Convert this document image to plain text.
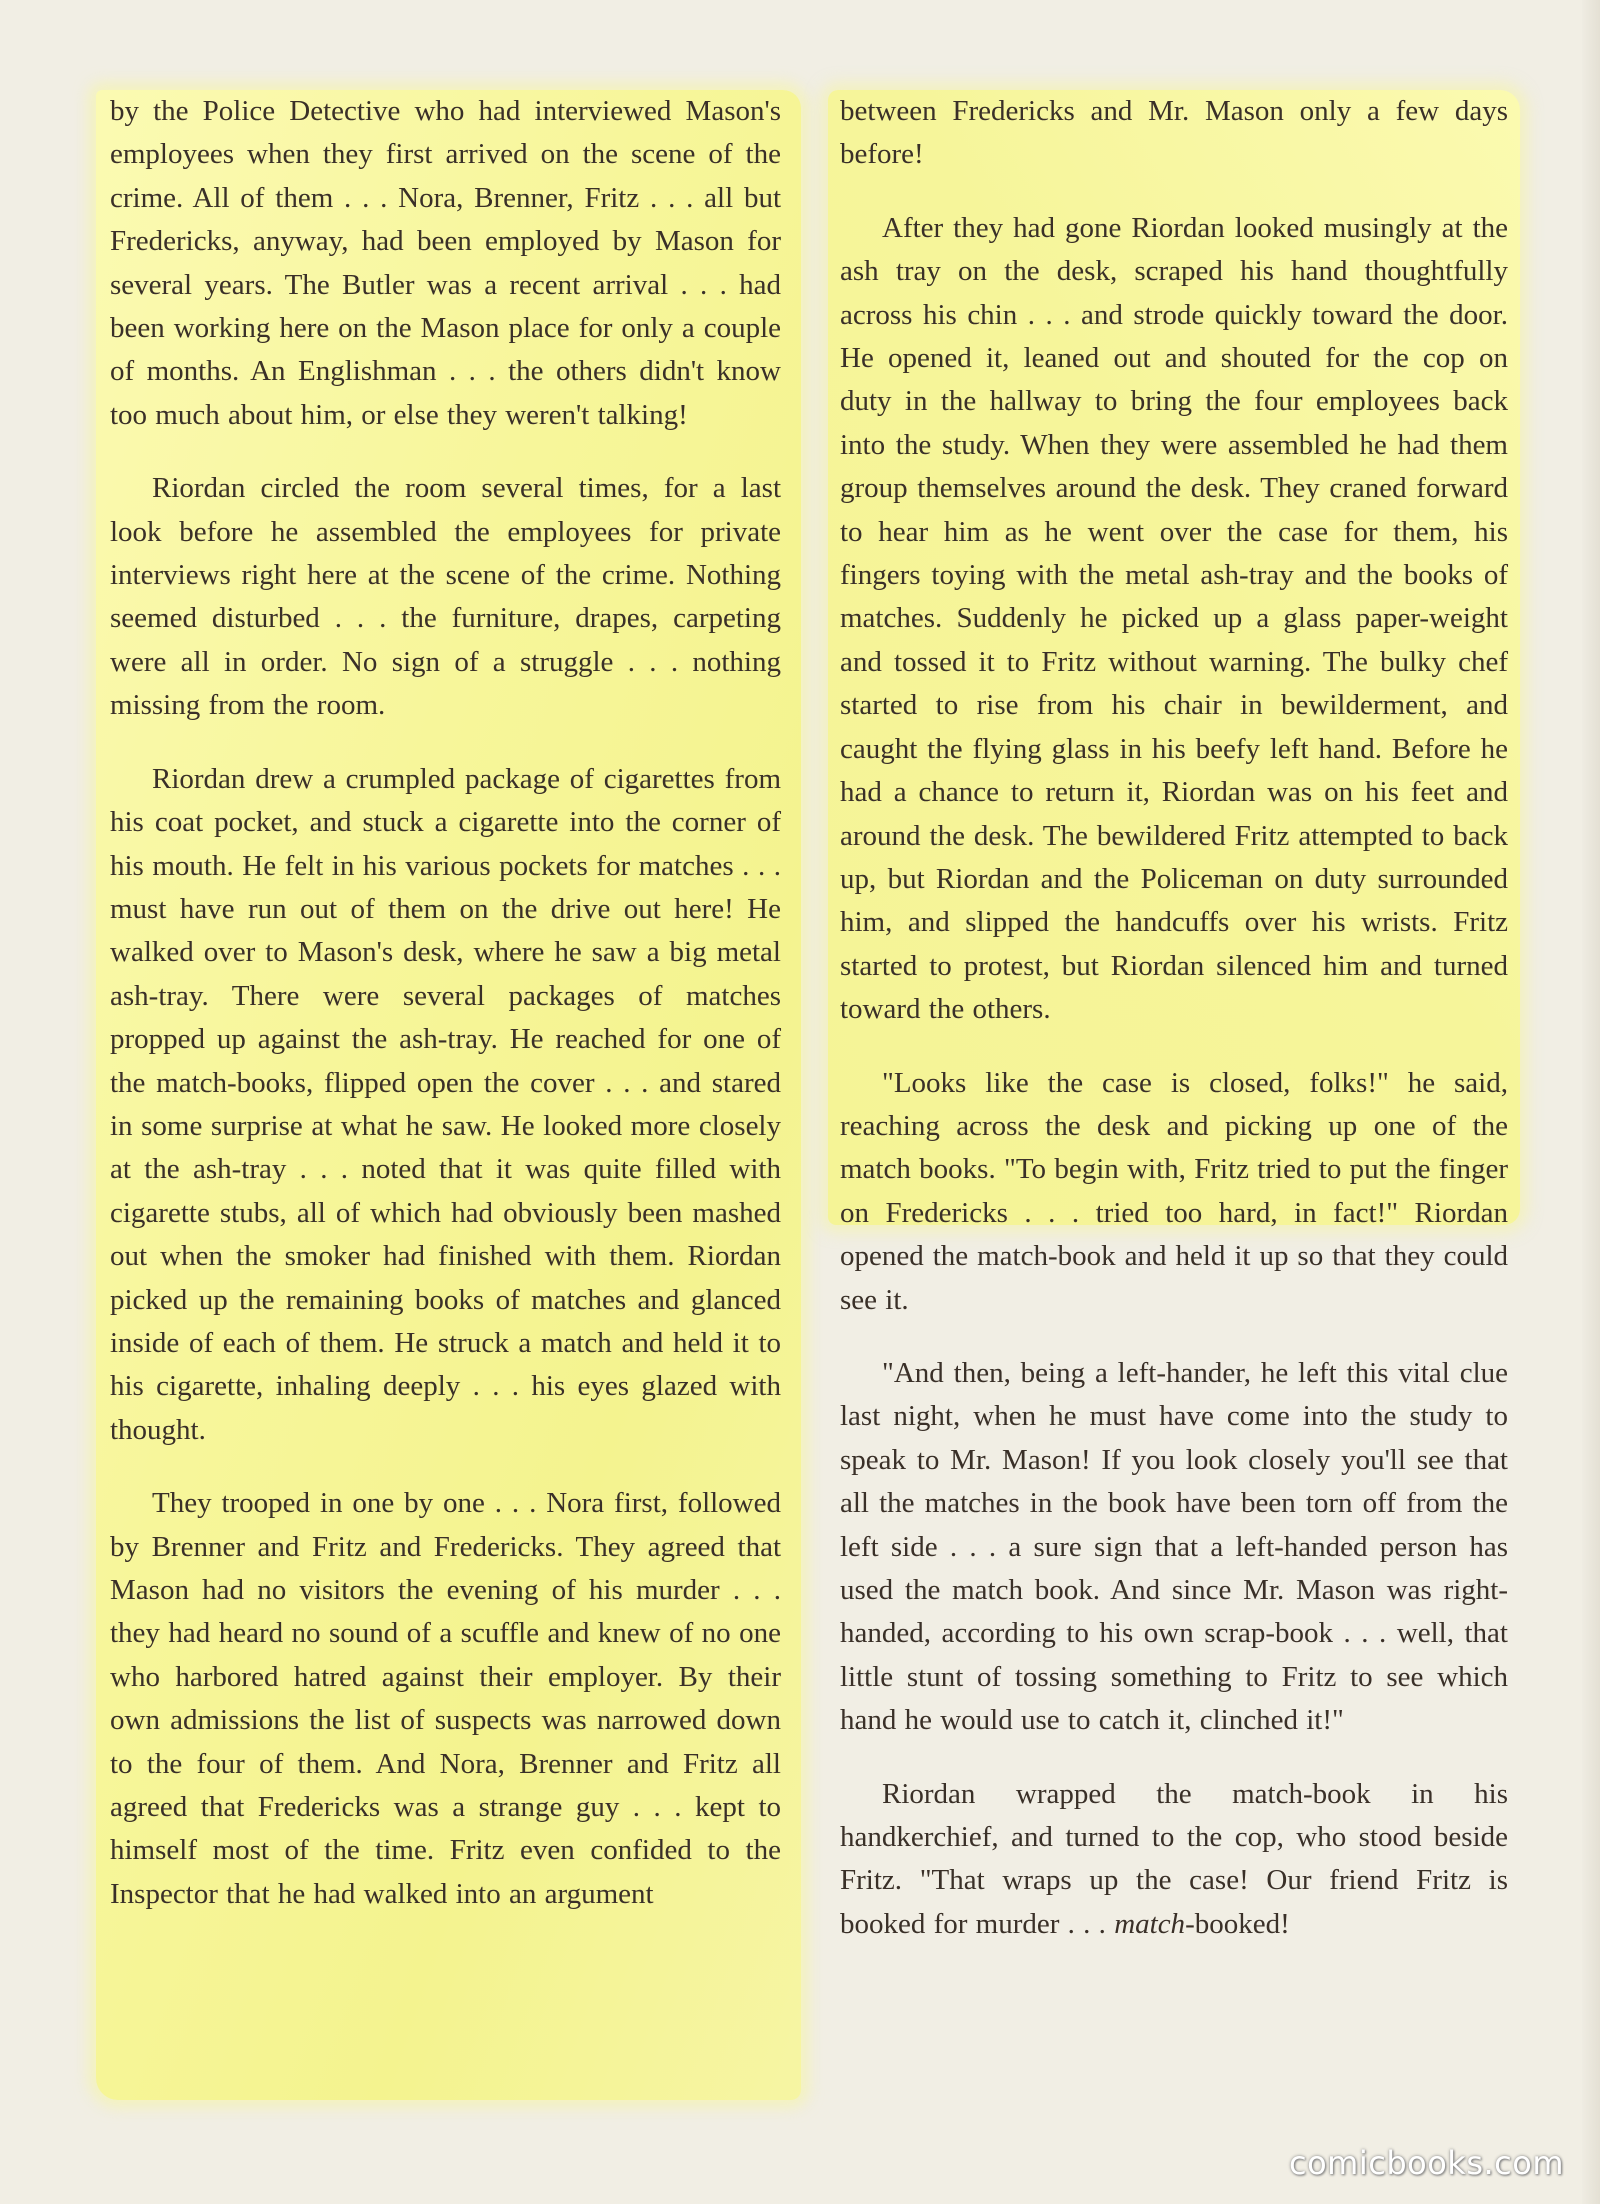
by the Police Detective who had interviewed Mason's employees when they first arrived on the scene of the crime. All of them . . . Nora, Brenner, Fritz . . . all but Fredericks, anyway, had been employed by Mason for several years. The Butler was a recent arrival . . . had been working here on the Mason place for only a couple of months. An Englishman . . . the others didn't know too much about him, or else they weren't talking!

Riordan circled the room several times, for a last look before he assembled the employees for private interviews right here at the scene of the crime. Nothing seemed disturbed . . . the furniture, drapes, carpeting were all in order. No sign of a struggle . . . nothing missing from the room.

Riordan drew a crumpled package of cigarettes from his coat pocket, and stuck a cigarette into the corner of his mouth. He felt in his various pockets for matches . . . must have run out of them on the drive out here! He walked over to Mason's desk, where he saw a big metal ash-tray. There were several packages of matches propped up against the ash-tray. He reached for one of the match-books, flipped open the cover . . . and stared in some surprise at what he saw. He looked more closely at the ash-tray . . . noted that it was quite filled with cigarette stubs, all of which had obviously been mashed out when the smoker had finished with them. Riordan picked up the remaining books of matches and glanced inside of each of them. He struck a match and held it to his cigarette, inhaling deeply . . . his eyes glazed with thought.

They trooped in one by one . . . Nora first, followed by Brenner and Fritz and Fredericks. They agreed that Mason had no visitors the evening of his murder . . . they had heard no sound of a scuffle and knew of no one who harbored hatred against their employer. By their own admissions the list of suspects was narrowed down to the four of them. And Nora, Brenner and Fritz all agreed that Fredericks was a strange guy . . . kept to himself most of the time. Fritz even confided to the Inspector that he had walked into an argument

between Fredericks and Mr. Mason only a few days before!

After they had gone Riordan looked musingly at the ash tray on the desk, scraped his hand thoughtfully across his chin . . . and strode quickly toward the door. He opened it, leaned out and shouted for the cop on duty in the hallway to bring the four employees back into the study. When they were assembled he had them group themselves around the desk. They craned forward to hear him as he went over the case for them, his fingers toying with the metal ash-tray and the books of matches. Suddenly he picked up a glass paper-weight and tossed it to Fritz without warning. The bulky chef started to rise from his chair in bewilderment, and caught the flying glass in his beefy left hand. Before he had a chance to return it, Riordan was on his feet and around the desk. The bewildered Fritz attempted to back up, but Riordan and the Policeman on duty surrounded him, and slipped the handcuffs over his wrists. Fritz started to protest, but Riordan silenced him and turned toward the others.

"Looks like the case is closed, folks!" he said, reaching across the desk and picking up one of the match books. "To begin with, Fritz tried to put the finger on Fredericks . . . tried too hard, in fact!" Riordan opened the match-book and held it up so that they could see it.

"And then, being a left-hander, he left this vital clue last night, when he must have come into the study to speak to Mr. Mason! If you look closely you'll see that all the matches in the book have been torn off from the left side . . . a sure sign that a left-handed person has used the match book. And since Mr. Mason was right-handed, according to his own scrap-book . . . well, that little stunt of tossing something to Fritz to see which hand he would use to catch it, clinched it!"

Riordan wrapped the match-book in his handkerchief, and turned to the cop, who stood beside Fritz. "That wraps up the case! Our friend Fritz is booked for murder . . . match-booked!

comicbooks.com
